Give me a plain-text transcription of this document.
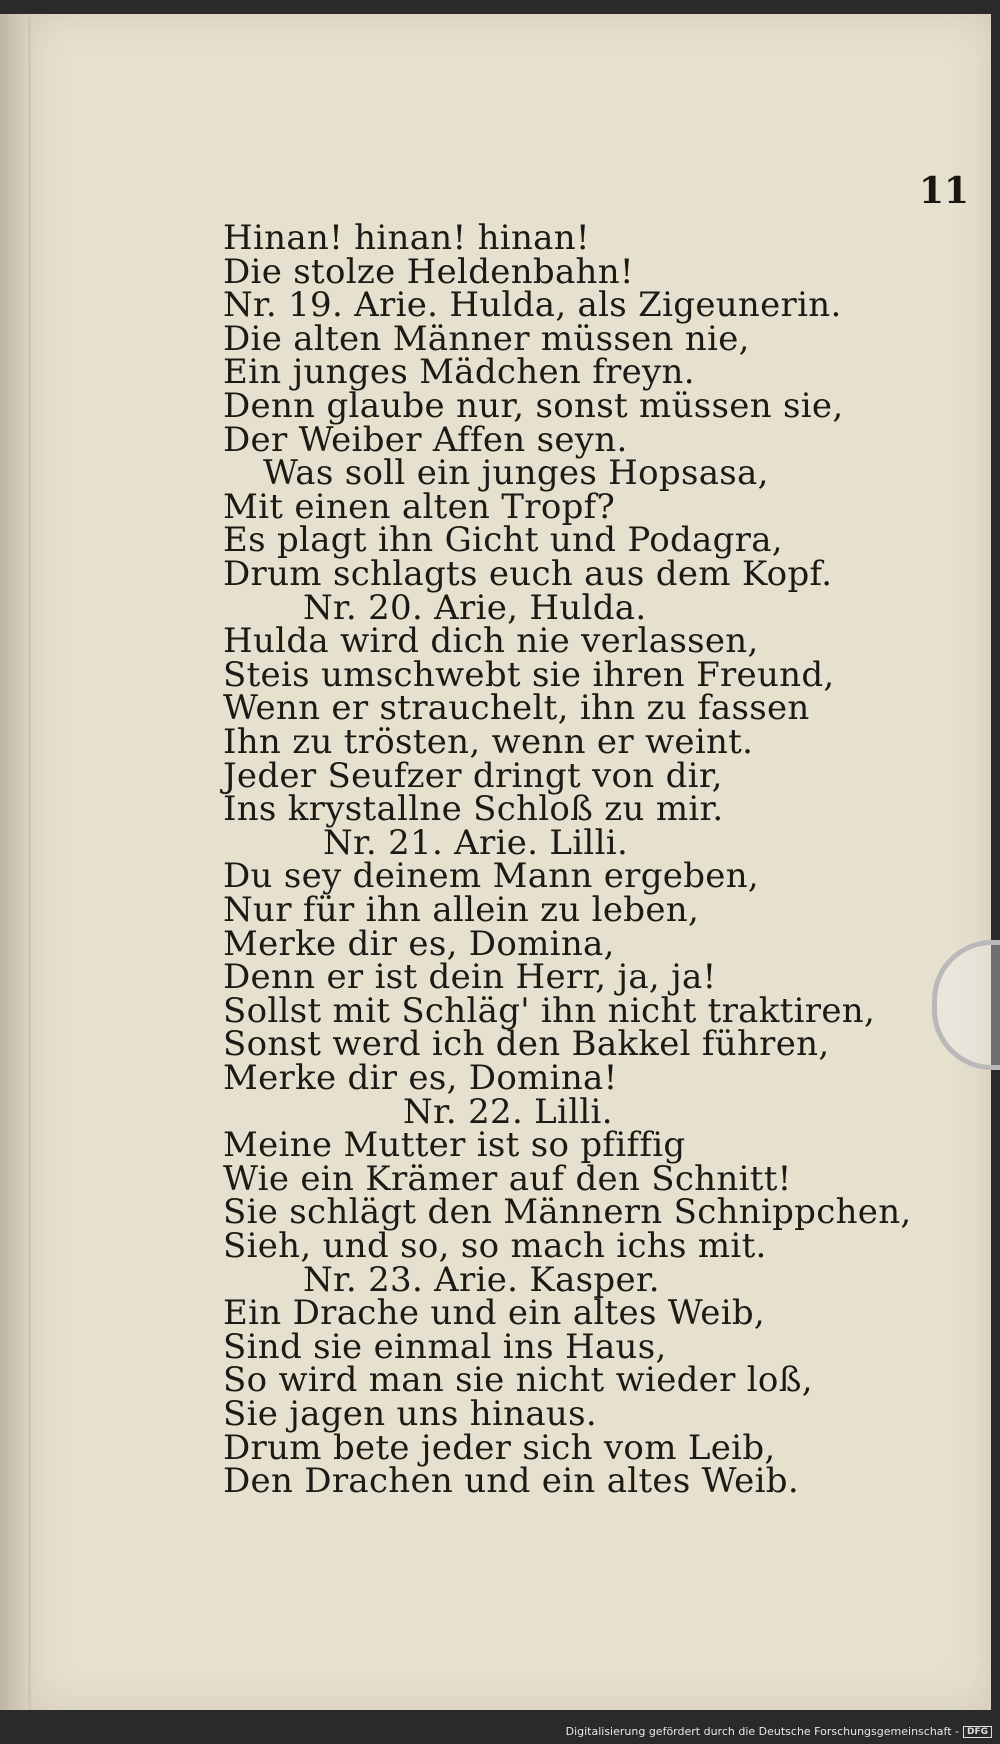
11
Hinan! hinan! hinan!
Die stolze Heldenbahn!
Nr. 19. Arie. Hulda, als Zigeunerin.
Die alten Männer müssen nie,
Ein junges Mädchen freyn.
Denn glaube nur, sonst müssen sie,
Der Weiber Affen seyn.
Was soll ein junges Hopsasa,
Mit einen alten Tropf?
Es plagt ihn Gicht und Podagra,
Drum schlagts euch aus dem Kopf.
Nr. 20. Arie, Hulda.
Hulda wird dich nie verlassen,
Steis umschwebt sie ihren Freund,
Wenn er strauchelt, ihn zu fassen
Ihn zu trösten, wenn er weint.
Jeder Seufzer dringt von dir,
Ins krystallne Schloß zu mir.
Nr. 21. Arie. Lilli.
Du sey deinem Mann ergeben,
Nur für ihn allein zu leben,
Merke dir es, Domina,
Denn er ist dein Herr, ja, ja!
Sollst mit Schläg' ihn nicht traktiren,
Sonst werd ich den Bakkel führen,
Merke dir es, Domina!
Nr. 22. Lilli.
Meine Mutter ist so pfiffig
Wie ein Krämer auf den Schnitt!
Sie schlägt den Männern Schnippchen,
Sieh, und so, so mach ichs mit.
Nr. 23. Arie. Kasper.
Ein Drache und ein altes Weib,
Sind sie einmal ins Haus,
So wird man sie nicht wieder loß,
Sie jagen uns hinaus.
Drum bete jeder sich vom Leib,
Den Drachen und ein altes Weib.
Digitalisierung gefördert durch die Deutsche Forschungsgemeinschaft - DFG
